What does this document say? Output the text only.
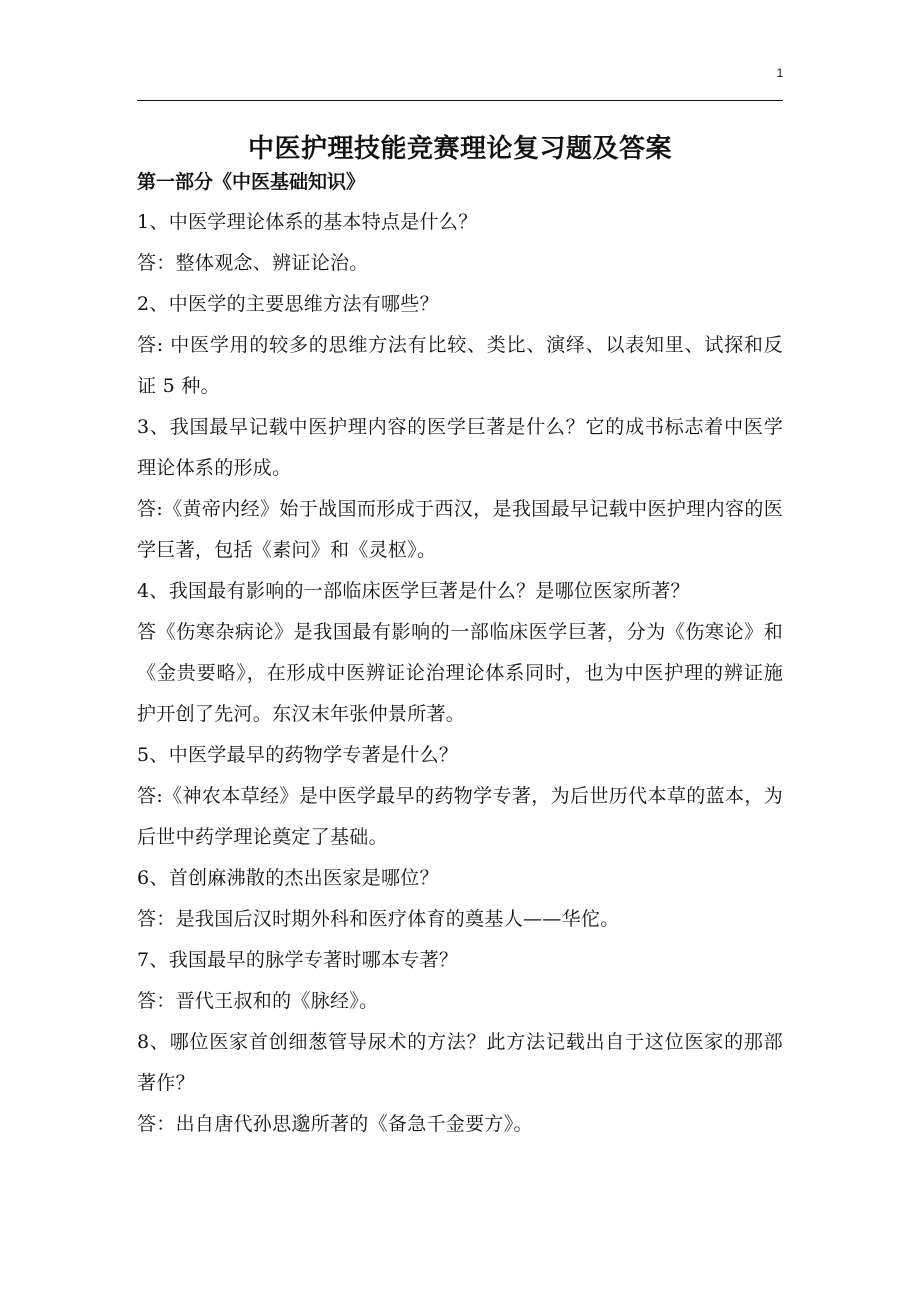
1
中医护理技能竞赛理论复习题及答案

第一部分《中医基础知识》

1、中医学理论体系的基本特点是什么？

答：整体观念、辨证论治。

2、中医学的主要思维方法有哪些？

答: 中医学用的较多的思维方法有比较、类比、演绎、以表知里、试探和反证 5 种。

3、我国最早记载中医护理内容的医学巨著是什么？它的成书标志着中医学理论体系的形成。

答:《黄帝内经》始于战国而形成于西汉，是我国最早记载中医护理内容的医学巨著，包括《素问》和《灵枢》。

4、我国最有影响的一部临床医学巨著是什么？是哪位医家所著？

答《伤寒杂病论》是我国最有影响的一部临床医学巨著，分为《伤寒论》和《金贵要略》，在形成中医辨证论治理论体系同时，也为中医护理的辨证施护开创了先河。东汉末年张仲景所著。

5、中医学最早的药物学专著是什么？

答:《神农本草经》是中医学最早的药物学专著，为后世历代本草的蓝本，为后世中药学理论奠定了基础。

6、首创麻沸散的杰出医家是哪位？

答：是我国后汉时期外科和医疗体育的奠基人——华佗。

7、我国最早的脉学专著时哪本专著？

答：晋代王叔和的《脉经》。

8、哪位医家首创细葱管导尿术的方法？此方法记载出自于这位医家的那部著作？

答：出自唐代孙思邈所著的《备急千金要方》。
